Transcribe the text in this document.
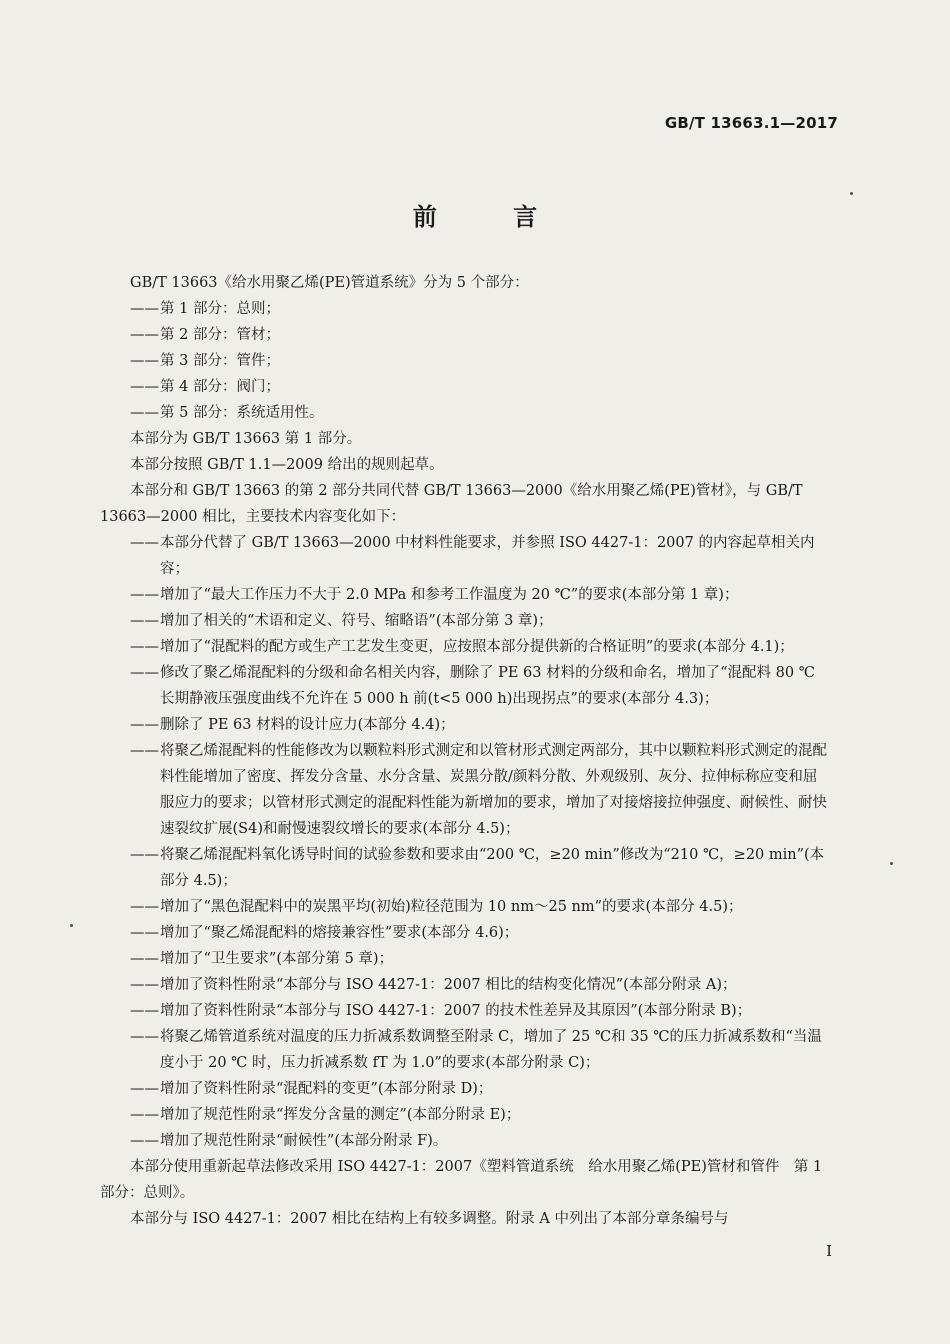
GB/T 13663.1—2017
前 言

GB/T 13663《给水用聚乙烯(PE)管道系统》分为 5 个部分：

—— 第 1 部分：总则；
—— 第 2 部分：管材；
—— 第 3 部分：管件；
—— 第 4 部分：阀门；
—— 第 5 部分：系统适用性。

本部分为 GB/T 13663 第 1 部分。

本部分按照 GB/T 1.1—2009 给出的规则起草。

本部分和 GB/T 13663 的第 2 部分共同代替 GB/T 13663—2000《给水用聚乙烯(PE)管材》，与 GB/T 13663—2000 相比，主要技术内容变化如下：

—— 本部分代替了 GB/T 13663—2000 中材料性能要求，并参照 ISO 4427-1：2007 的内容起草相关内容；
—— 增加了“最大工作压力不大于 2.0 MPa 和参考工作温度为 20 ℃”的要求(本部分第 1 章)；
—— 增加了相关的“术语和定义、符号、缩略语”(本部分第 3 章)；
—— 增加了“混配料的配方或生产工艺发生变更，应按照本部分提供新的合格证明”的要求(本部分 4.1)；
—— 修改了聚乙烯混配料的分级和命名相关内容，删除了 PE 63 材料的分级和命名，增加了“混配料 80 ℃ 长期静液压强度曲线不允许在 5 000 h 前(t<5 000 h)出现拐点”的要求(本部分 4.3)；
—— 删除了 PE 63 材料的设计应力(本部分 4.4)；
—— 将聚乙烯混配料的性能修改为以颗粒料形式测定和以管材形式测定两部分，其中以颗粒料形式测定的混配料性能增加了密度、挥发分含量、水分含量、炭黑分散/颜料分散、外观级别、灰分、拉伸标称应变和屈服应力的要求；以管材形式测定的混配料性能为新增加的要求，增加了对接熔接拉伸强度、耐候性、耐快速裂纹扩展(S4)和耐慢速裂纹增长的要求(本部分 4.5)；
—— 将聚乙烯混配料氧化诱导时间的试验参数和要求由“200 ℃，≥20 min”修改为“210 ℃，≥20 min”(本部分 4.5)；
—— 增加了“黑色混配料中的炭黑平均(初始)粒径范围为 10 nm～25 nm”的要求(本部分 4.5)；
—— 增加了“聚乙烯混配料的熔接兼容性”要求(本部分 4.6)；
—— 增加了“卫生要求”(本部分第 5 章)；
—— 增加了资料性附录“本部分与 ISO 4427-1：2007 相比的结构变化情况”(本部分附录 A)；
—— 增加了资料性附录“本部分与 ISO 4427-1：2007 的技术性差异及其原因”(本部分附录 B)；
—— 将聚乙烯管道系统对温度的压力折减系数调整至附录 C，增加了 25 ℃和 35 ℃的压力折减系数和“当温度小于 20 ℃ 时，压力折减系数 fT 为 1.0”的要求(本部分附录 C)；
—— 增加了资料性附录“混配料的变更”(本部分附录 D)；
—— 增加了规范性附录“挥发分含量的测定”(本部分附录 E)；
—— 增加了规范性附录“耐候性”(本部分附录 F)。

本部分使用重新起草法修改采用 ISO 4427-1：2007《塑料管道系统　给水用聚乙烯(PE)管材和管件　第 1 部分：总则》。

本部分与 ISO 4427-1：2007 相比在结构上有较多调整。附录 A 中列出了本部分章条编号与

I
